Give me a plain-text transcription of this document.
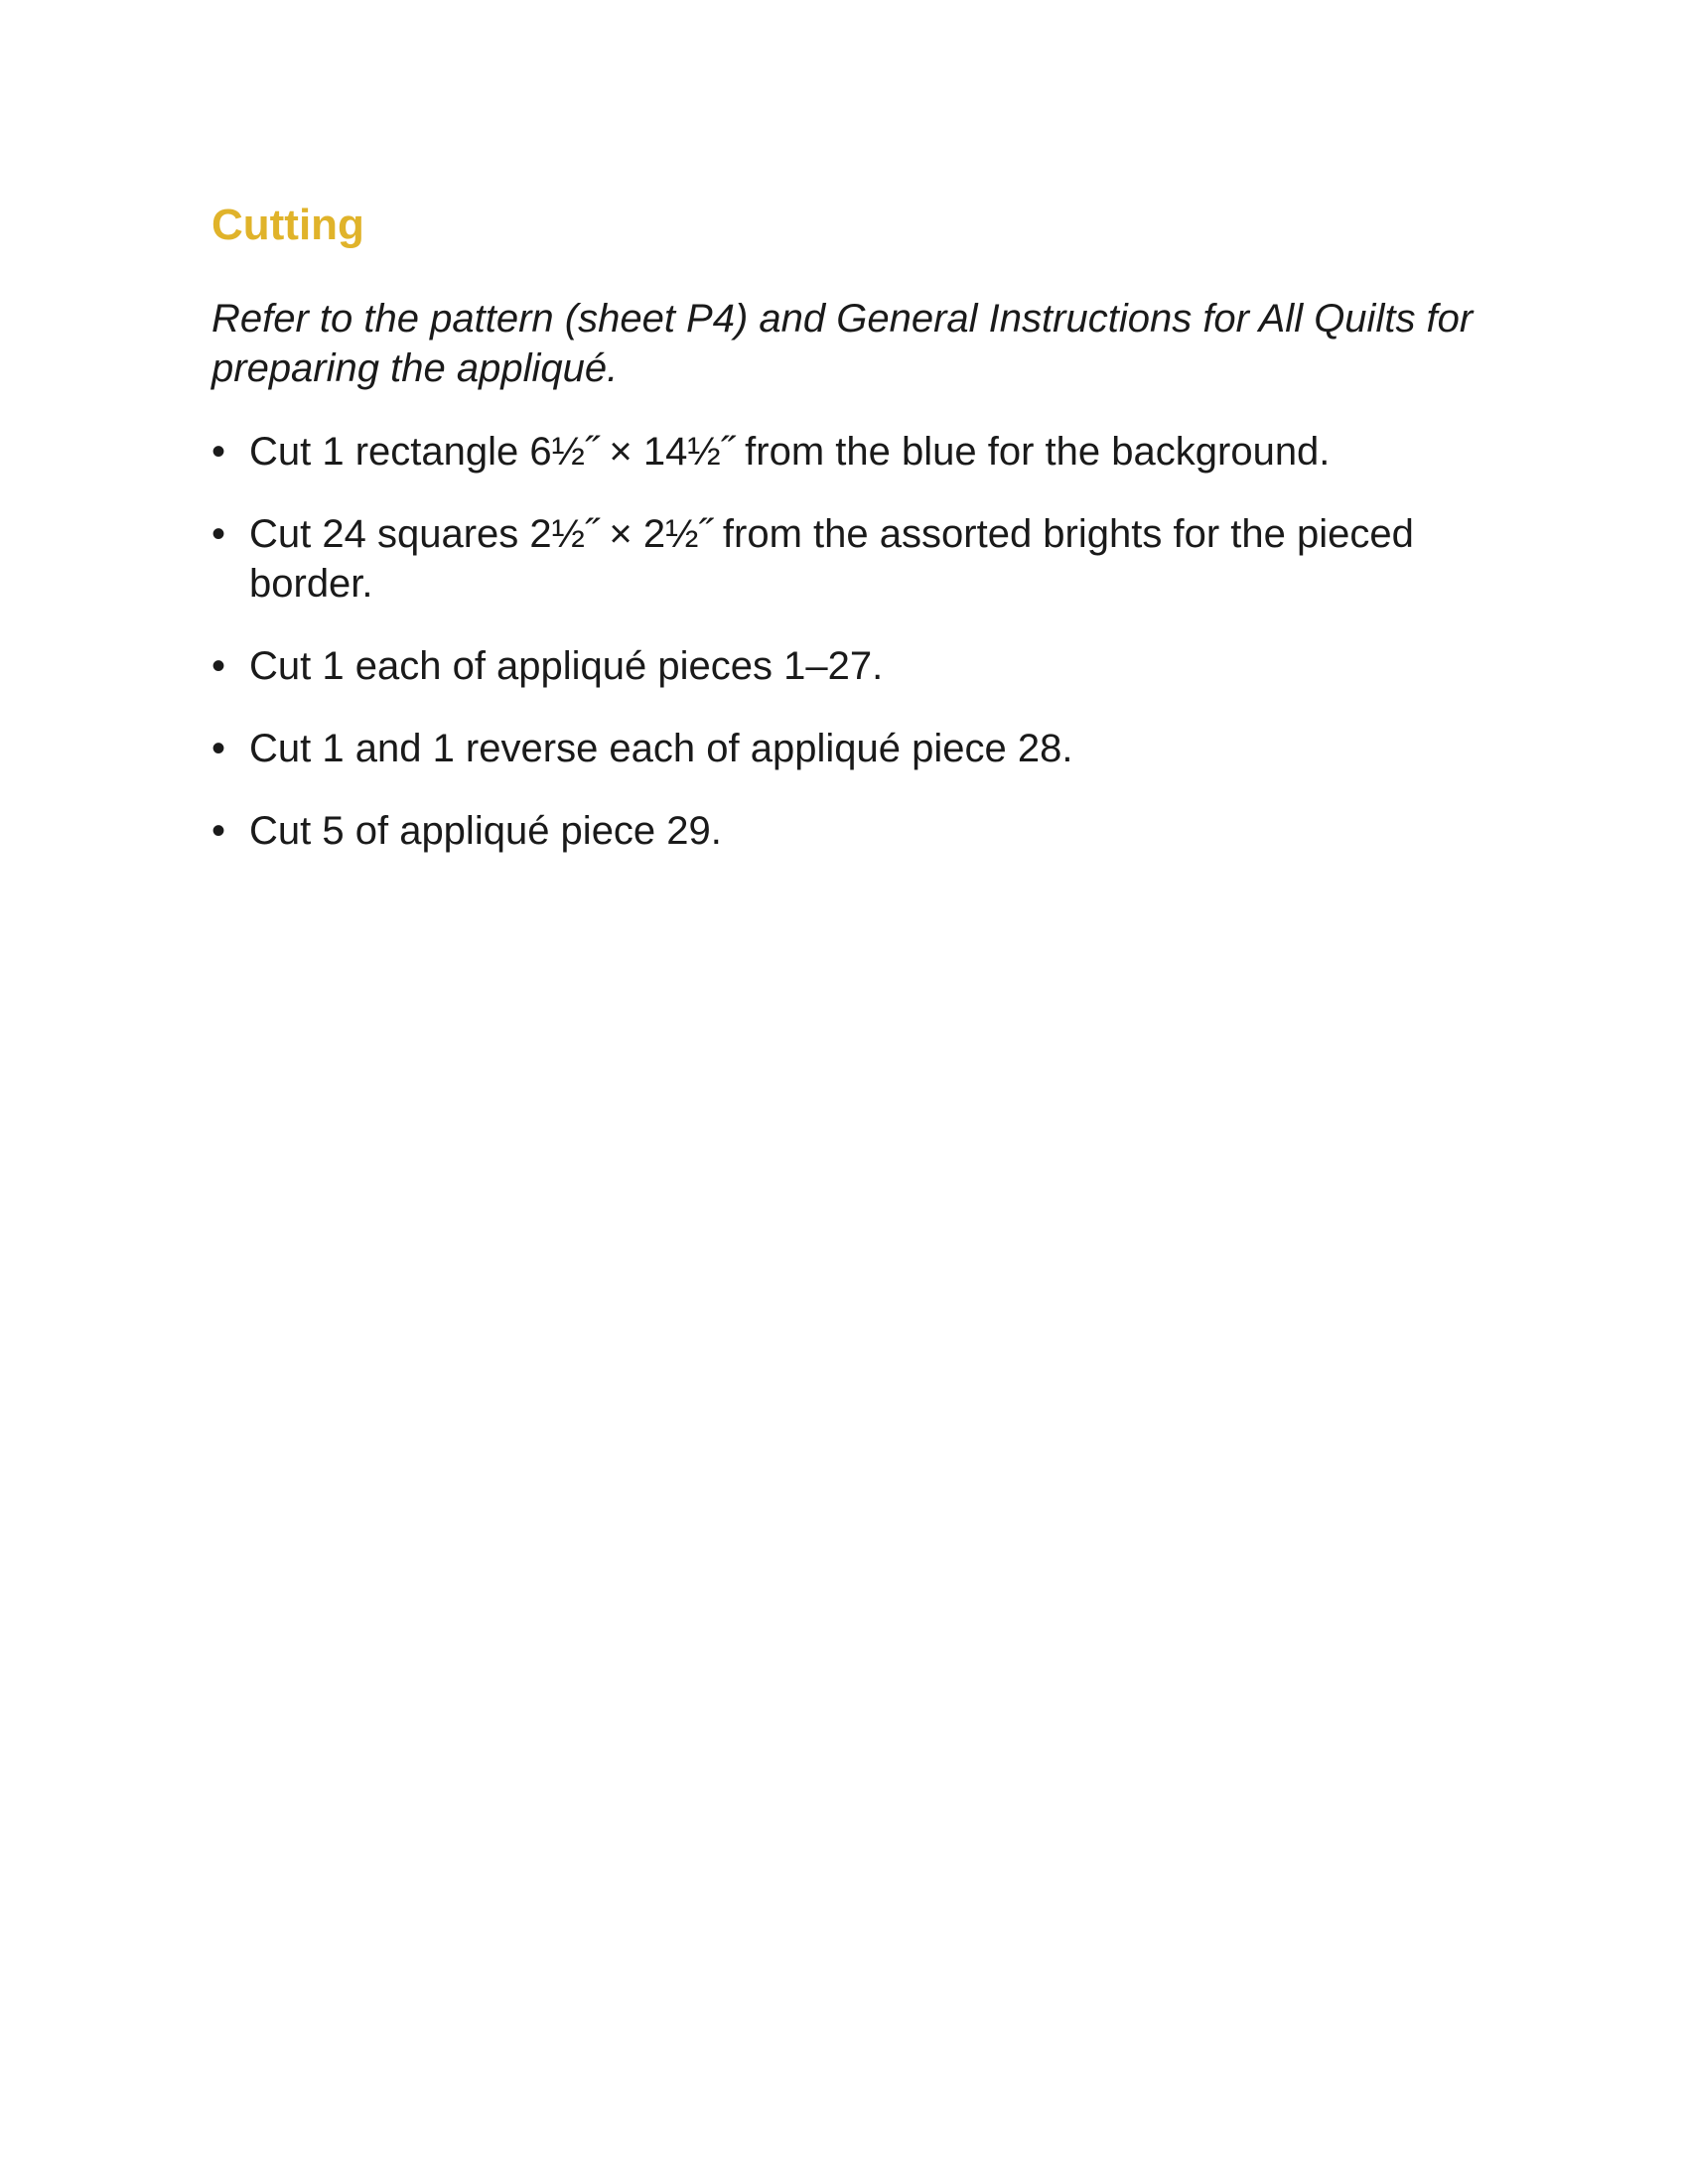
Cutting

Refer to the pattern (sheet P4) and General Instructions for All Quilts for preparing the appliqué.

• Cut 1 rectangle 6½˝ × 14½˝ from the blue for the background.
• Cut 24 squares 2½˝ × 2½˝ from the assorted brights for the pieced border.
• Cut 1 each of appliqué pieces 1–27.
• Cut 1 and 1 reverse each of appliqué piece 28.
• Cut 5 of appliqué piece 29.
